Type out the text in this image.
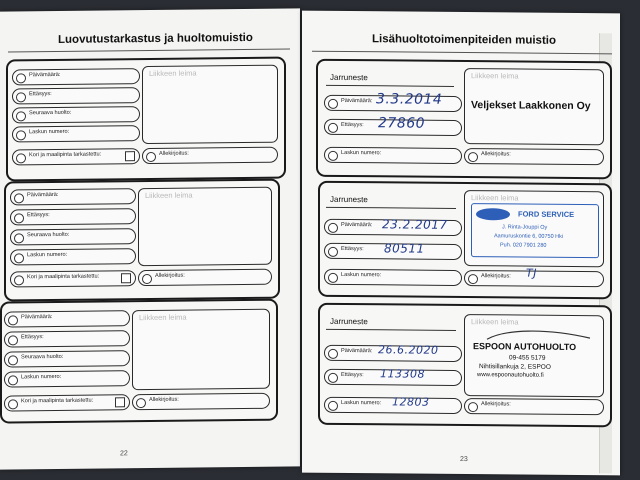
Luovutustarkastus ja huoltomuistio
Päivämäärä:
Ettäsyys:
Seuraava huolto:
Laskun numero:
Kori ja maalipinta tarkastettu:
Liikkeen leima
Allekirjoitus:
Päivämäärä:
Ettäsyys:
Seuraava huolto:
Laskun numero:
Kori ja maalipinta tarkastettu:
Liikkeen leima
Allekirjoitus:
Päivämäärä:
Ettäsyys:
Seuraava huolto:
Laskun numero:
Kori ja maalipinta tarkastettu:
Liikkeen leima
Allekirjoitus:
22
Lisähuoltotoimenpiteiden muistio
Jarruneste
Päivämäärä: 3.3.2014
Ettäsyys: 27860
Laskun numero:
Liikkeen leima
Veljekset Laakkonen Oy
Allekirjoitus:
Jarruneste
Päivämäärä: 23.2.2017
Ettäsyys: 80511
Laskun numero:
Liikkeen leima
FORD SERVICE
J. Rinta-Jouppi Oy
Aamuruskontie 6, 00750 Hki
Puh. 020 7901 280
Allekirjoitus: TJ
Jarruneste
Päivämäärä: 26.6.2020
Ettäsyys: 113308
Laskun numero: 12803
Liikkeen leima
ESPOON AUTOHUOLTO
09-455 5179
Nihtisillankuja 2, ESPOO
www.espoonautohuolto.fi
Allekirjoitus:
23
